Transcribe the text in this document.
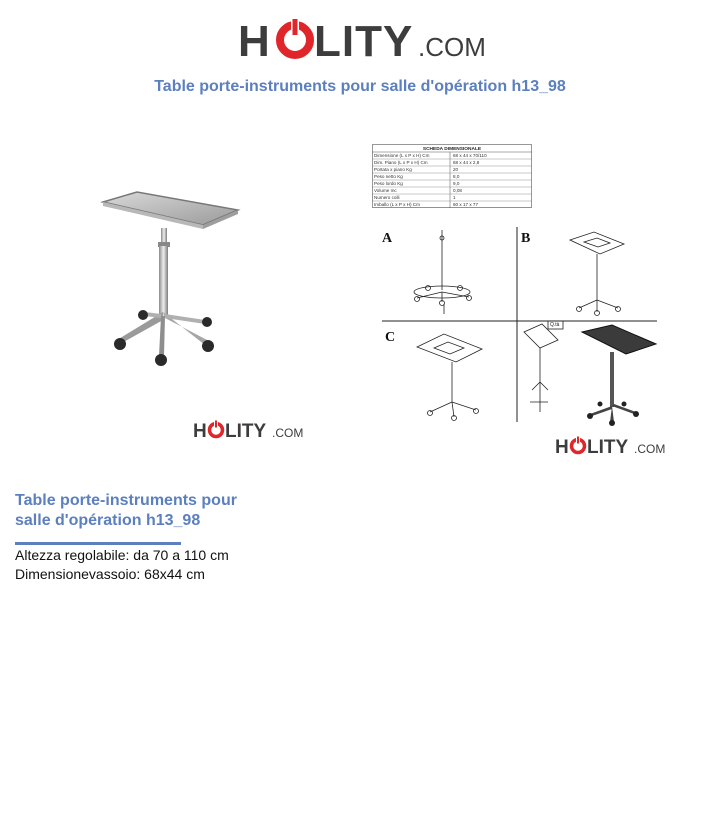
H LITY .COM
Table porte-instruments pour salle d'opération h13_98
H LITY .COM
SCHEDA DIMENSIONALE
Dimensione (L x P x H) Cm	68 x 44 x 70/110
Dim. Piano (L x P x H) Cm	68 x 44 x 2,8
Portata x piano Kg	20
Peso netto Kg	8,0
Peso lordo Kg	9,0
Volume mc	0,08
Numero colli	1
Imballo (L x P x H) Cm	60 x 17 x 77
A	B
C
Q.tà
H LITY .COM
Table porte-instruments pour salle d'opération h13_98
Altezza regolabile: da 70 a 110 cm
Dimensionevassoio: 68x44 cm
